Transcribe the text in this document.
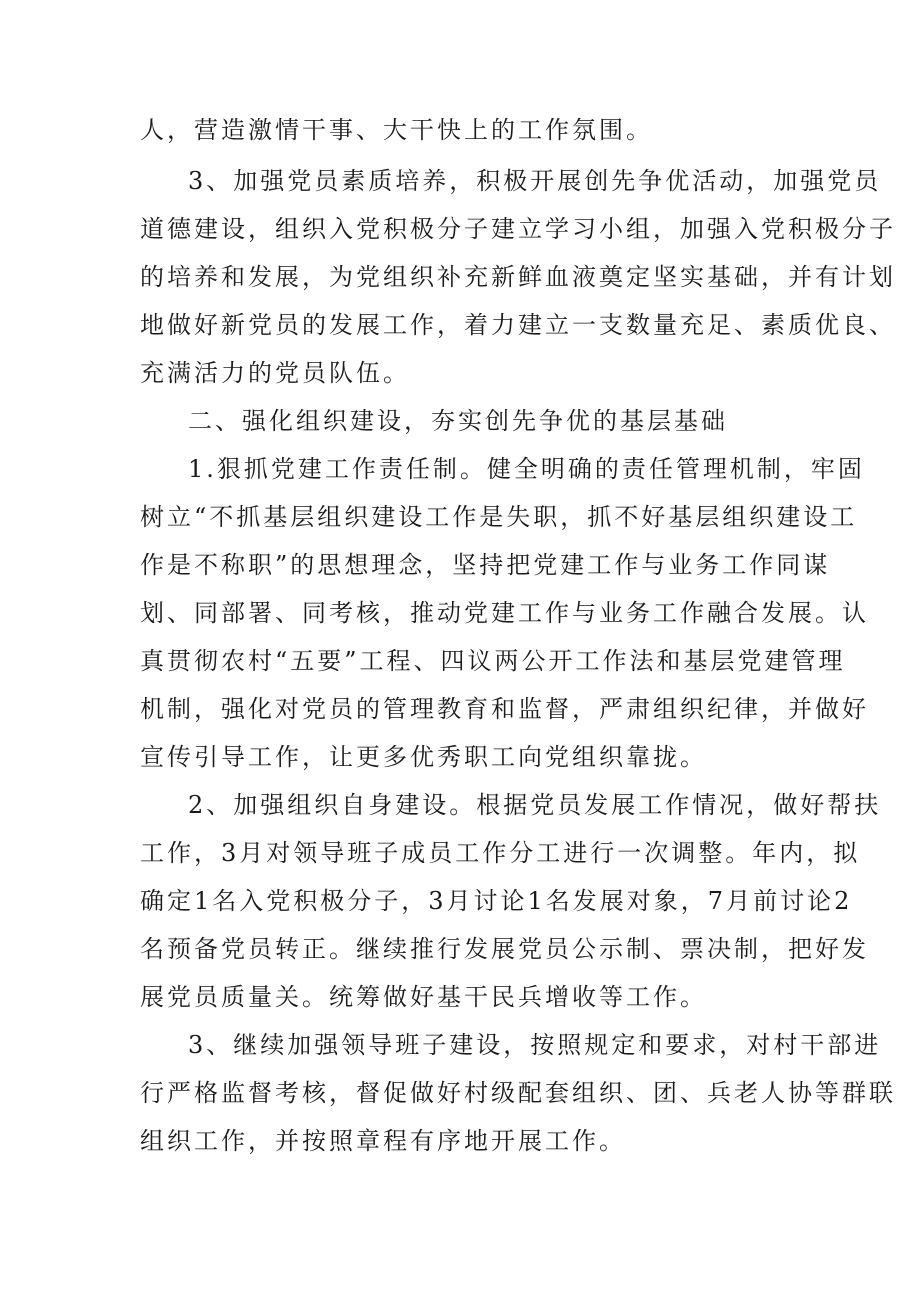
人，营造激情干事、大干快上的工作氛围。
3、加强党员素质培养，积极开展创先争优活动，加强党员
道德建设，组织入党积极分子建立学习小组，加强入党积极分子
的培养和发展，为党组织补充新鲜血液奠定坚实基础，并有计划
地做好新党员的发展工作，着力建立一支数量充足、素质优良、
充满活力的党员队伍。
二、强化组织建设，夯实创先争优的基层基础
1.狠抓党建工作责任制。健全明确的责任管理机制，牢固
树立“不抓基层组织建设工作是失职，抓不好基层组织建设工
作是不称职”的思想理念，坚持把党建工作与业务工作同谋
划、同部署、同考核，推动党建工作与业务工作融合发展。认
真贯彻农村“五要”工程、四议两公开工作法和基层党建管理
机制，强化对党员的管理教育和监督，严肃组织纪律，并做好
宣传引导工作，让更多优秀职工向党组织靠拢。
2、加强组织自身建设。根据党员发展工作情况，做好帮扶
工作，3月对领导班子成员工作分工进行一次调整。年内，拟
确定1名入党积极分子，3月讨论1名发展对象，7月前讨论2
名预备党员转正。继续推行发展党员公示制、票决制，把好发
展党员质量关。统筹做好基干民兵增收等工作。
3、继续加强领导班子建设，按照规定和要求，对村干部进
行严格监督考核，督促做好村级配套组织、团、兵老人协等群联
组织工作，并按照章程有序地开展工作。
